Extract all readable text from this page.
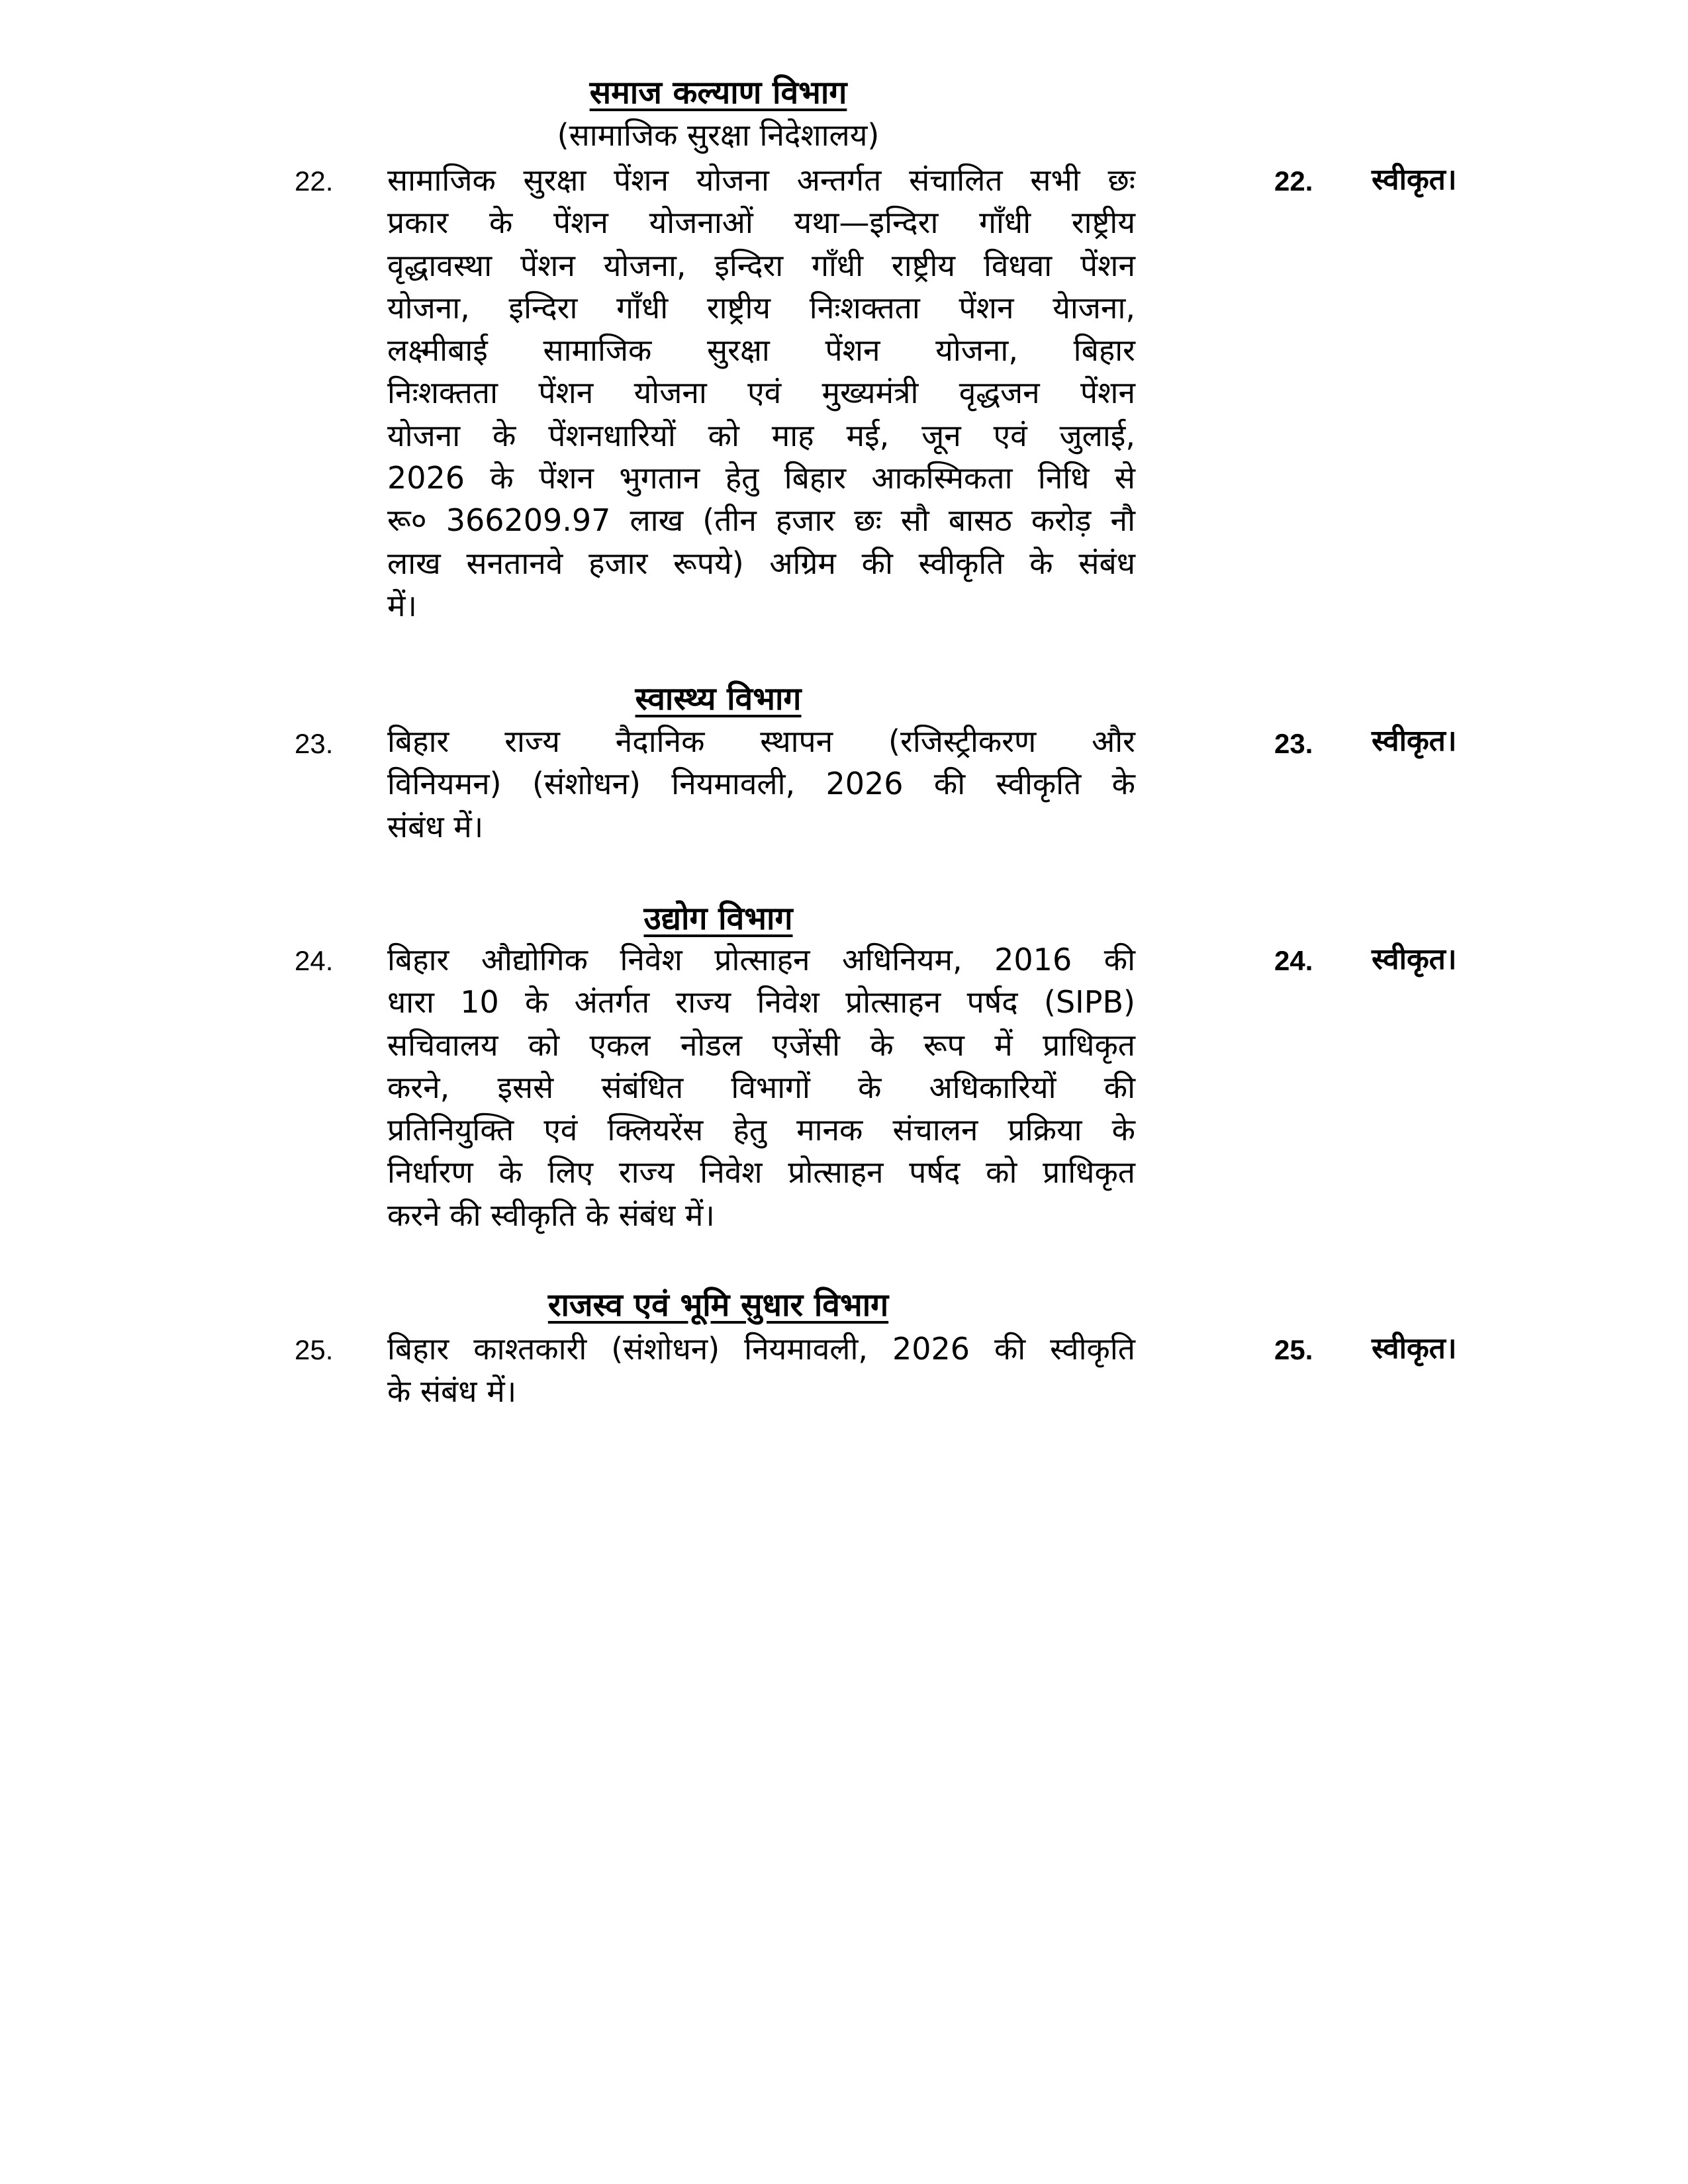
समाज कल्याण विभाग
(सामाजिक सुरक्षा निदेशालय)
22. सामाजिक सुरक्षा पेंशन योजना अन्तर्गत संचालित सभी छः
प्रकार के पेंशन योजनाओं यथा—इन्दिरा गाँधी राष्ट्रीय
वृद्धावस्था पेंशन योजना, इन्दिरा गाँधी राष्ट्रीय विधवा पेंशन
योजना, इन्दिरा गाँधी राष्ट्रीय निःशक्तता पेंशन येाजना,
लक्ष्मीबाई सामाजिक सुरक्षा पेंशन योजना, बिहार
निःशक्तता पेंशन योजना एवं मुख्यमंत्री वृद्धजन पेंशन
योजना के पेंशनधारियों को माह मई, जून एवं जुलाई,
2026 के पेंशन भुगतान हेतु बिहार आकस्मिकता निधि से
रू० 366209.97 लाख (तीन हजार छः सौ बासठ करोड़ नौ
लाख सनतानवे हजार रूपये) अग्रिम की स्वीकृति के संबंध
में।
22. स्वीकृत।
स्वास्थ्य विभाग
23. बिहार राज्य नैदानिक स्थापन (रजिस्ट्रीकरण और
विनियमन) (संशोधन) नियमावली, 2026 की स्वीकृति के
संबंध में।
23. स्वीकृत।
उद्योग विभाग
24. बिहार औद्योगिक निवेश प्रोत्साहन अधिनियम, 2016 की
धारा 10 के अंतर्गत राज्य निवेश प्रोत्साहन पर्षद (SIPB)
सचिवालय को एकल नोडल एजेंसी के रूप में प्राधिकृत
करने, इससे संबंधित विभागों के अधिकारियों की
प्रतिनियुक्ति एवं क्लियरेंस हेतु मानक संचालन प्रक्रिया के
निर्धारण के लिए राज्य निवेश प्रोत्साहन पर्षद को प्राधिकृत
करने की स्वीकृति के संबंध में।
24. स्वीकृत।
राजस्व एवं भूमि सुधार विभाग
25. बिहार काश्तकारी (संशोधन) नियमावली, 2026 की स्वीकृति
के संबंध में।
25. स्वीकृत।
